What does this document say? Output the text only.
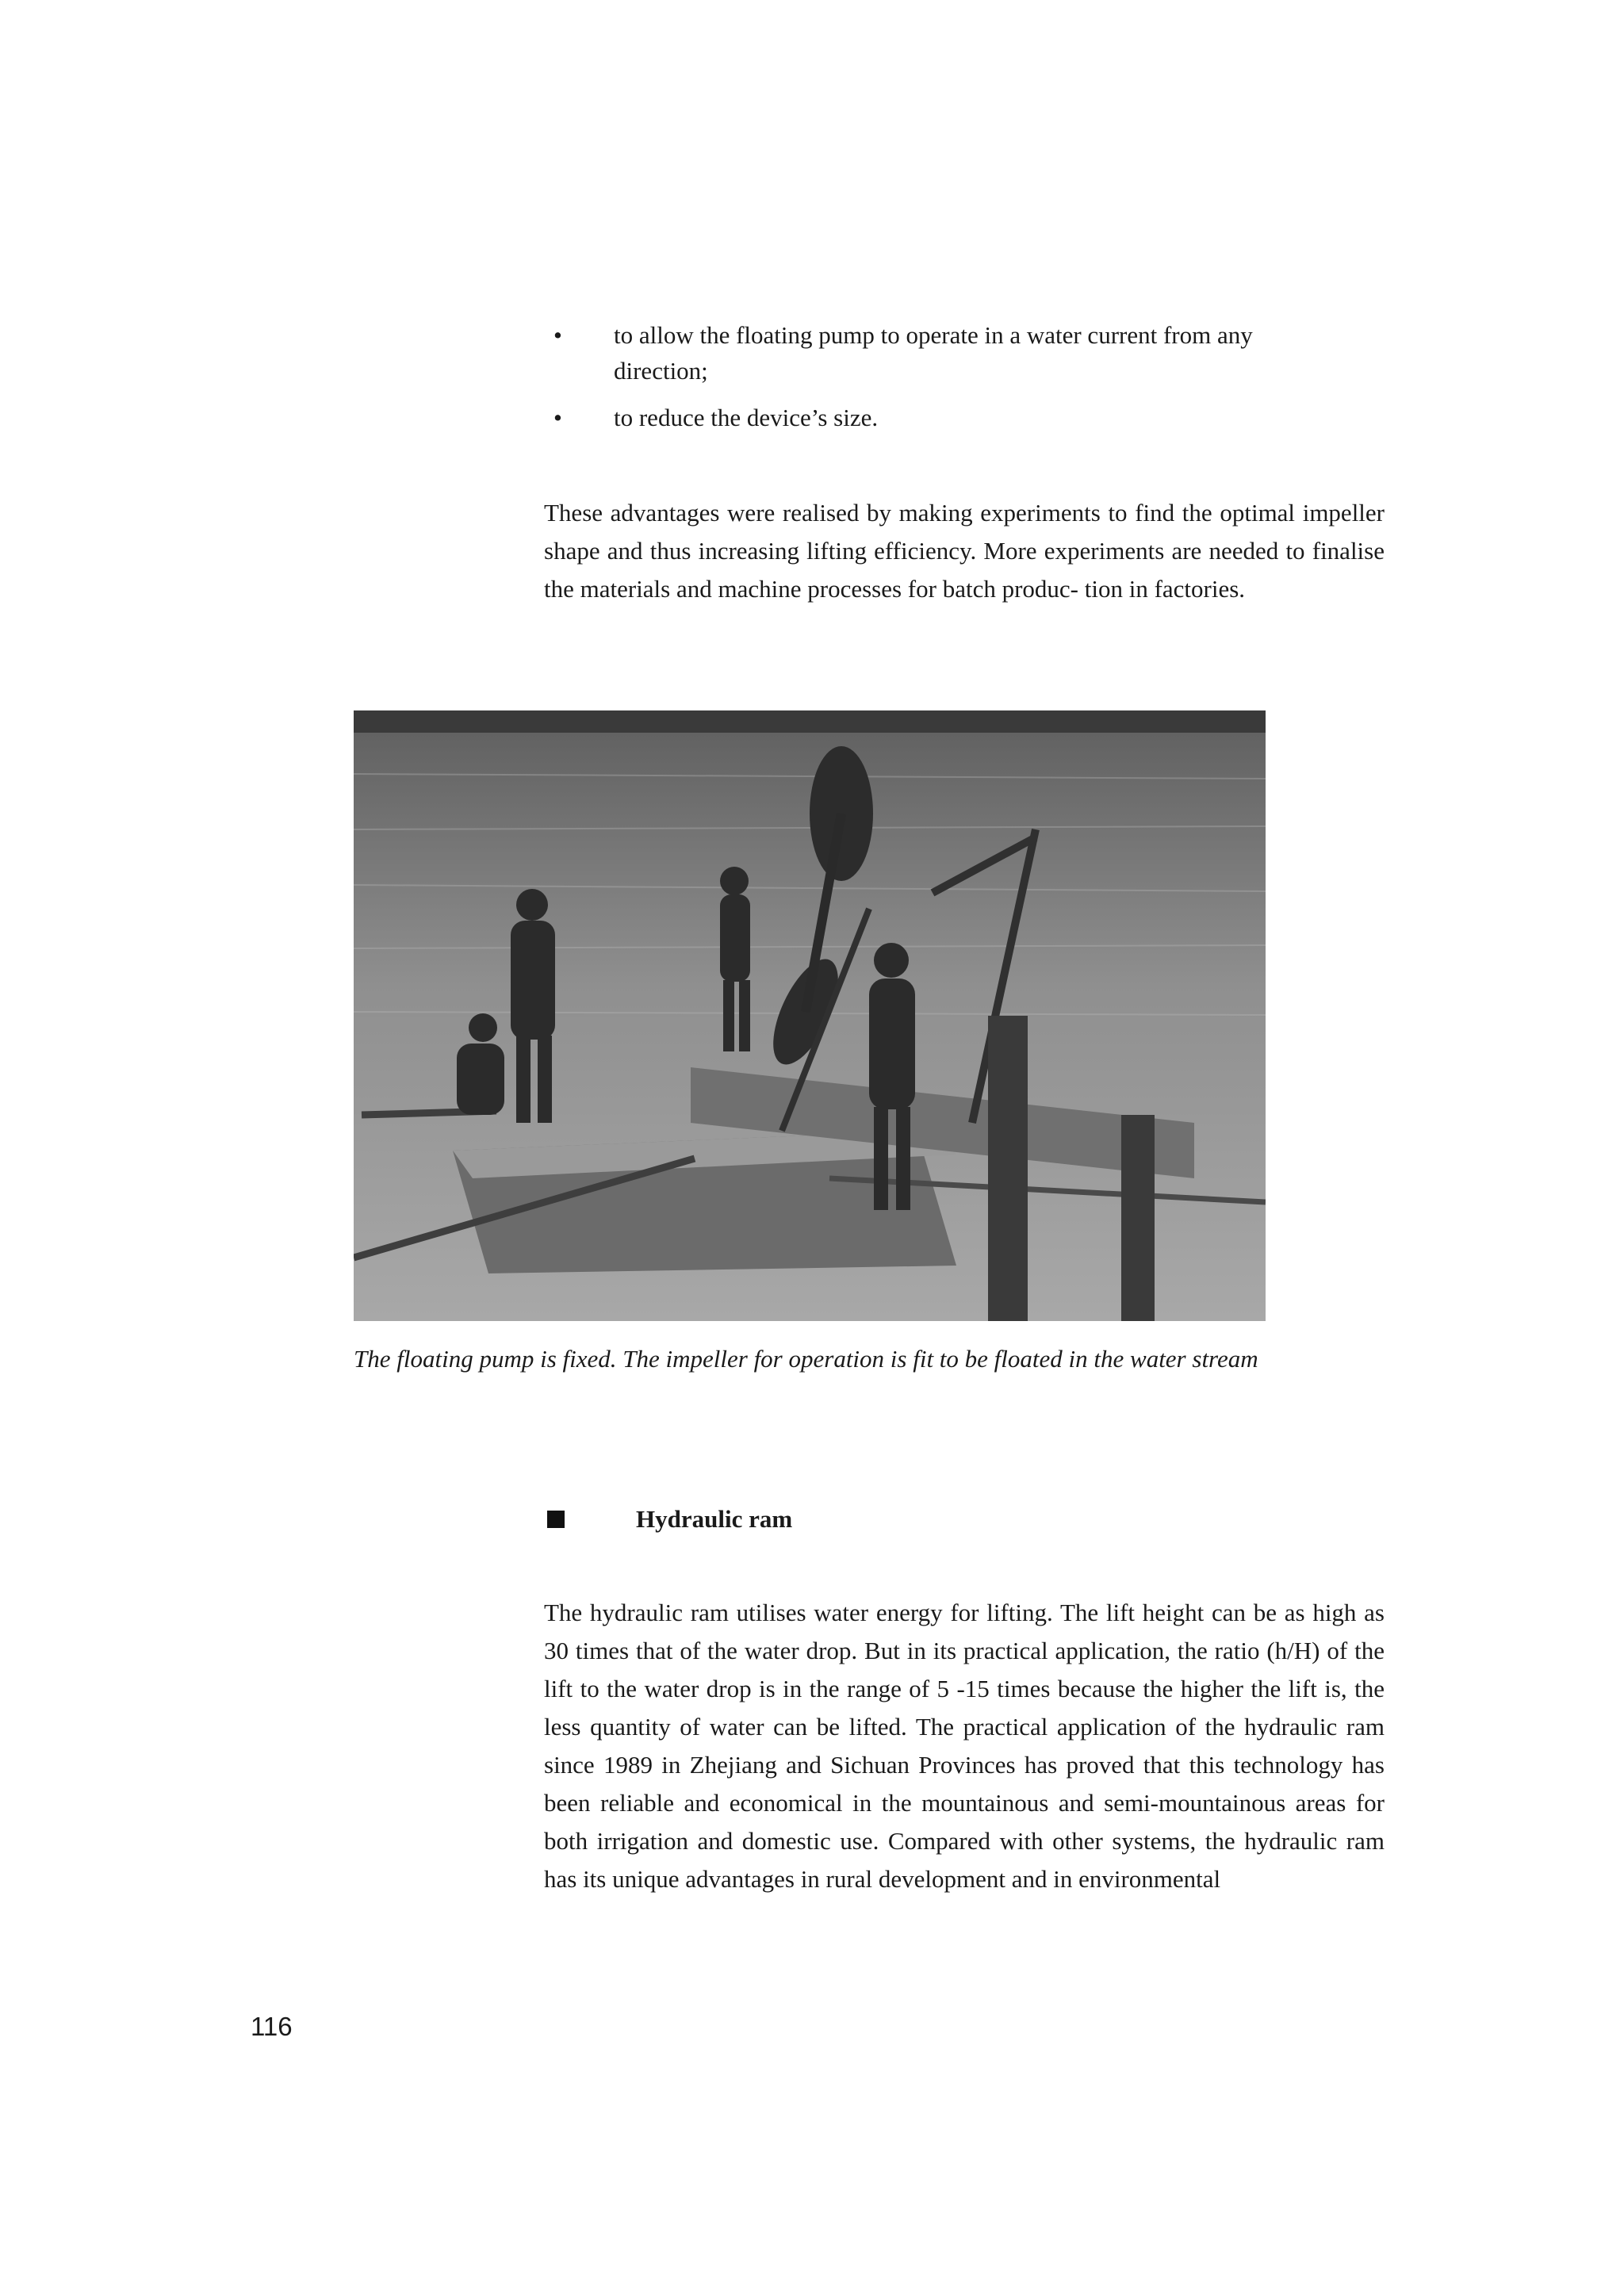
• to allow the floating pump to operate in a water current from any
direction;
• to reduce the device’s size.
These advantages were realised by making experiments to find the optimal impeller shape and thus increasing lifting efficiency. More experiments are needed to finalise the materials and machine processes for batch produc- tion in factories.
The floating pump is fixed. The impeller for operation is fit to be floated in the water stream
Hydraulic ram
The hydraulic ram utilises water energy for lifting. The lift height can be as high as 30 times that of the water drop. But in its practical application, the ratio (h/H) of the lift to the water drop is in the range of 5 -15 times because the higher the lift is, the less quantity of water can be lifted. The practical application of the hydraulic ram since 1989 in Zhejiang and Sichuan Provinces has proved that this technology has been reliable and economical in the mountainous and semi-mountainous areas for both irrigation and domestic use. Compared with other systems, the hydraulic ram has its unique advantages in rural development and in environmental
116
